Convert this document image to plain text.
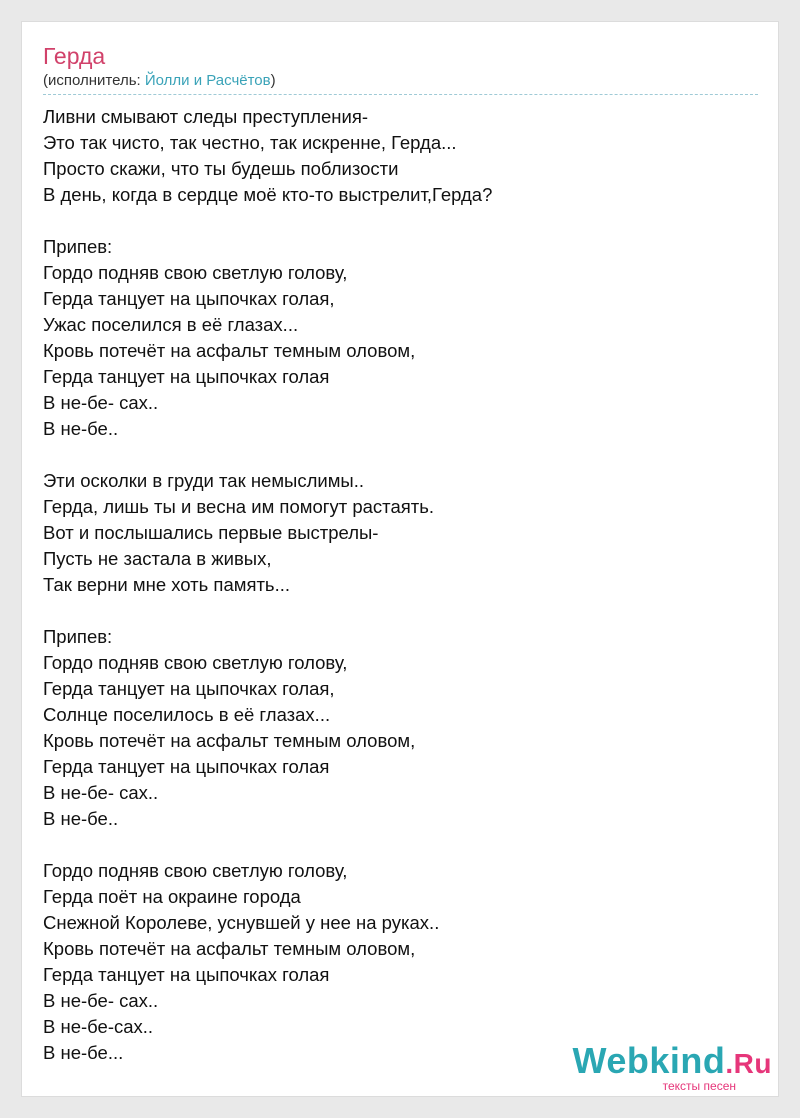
Герда
(исполнитель: Йолли и Расчётов)
Ливни смывают следы преступления-
Это так чисто, так честно, так искренне, Герда...
Просто скажи, что ты будешь поблизости
В день, когда в сердце моё кто-то выстрелит,Герда?
Припев:
Гордо подняв свою светлую голову,
Герда танцует на цыпочках голая,
Ужас поселился в её глазах...
Кровь потечёт на асфальт темным оловом,
Герда танцует на цыпочках голая
В не-бе- сах..
В не-бе..
Эти осколки в груди так немыслимы..
Герда, лишь ты и весна им помогут растаять.
Вот и послышались первые выстрелы-
Пусть не застала в живых,
Так верни мне хоть память...
Припев:
Гордо подняв свою светлую голову,
Герда танцует на цыпочках голая,
Солнце поселилось в её глазах...
Кровь потечёт на асфальт темным оловом,
Герда танцует на цыпочках голая
В не-бе- сах..
В не-бе..
Гордо подняв свою светлую голову,
Герда поёт на окраине города
Снежной Королеве, уснувшей у нее на руках..
Кровь потечёт на асфальт темным оловом,
Герда танцует на цыпочках голая
В не-бе- сах..
В не-бе-сах..
В не-бе...	Webkind.Ru
тексты песен
